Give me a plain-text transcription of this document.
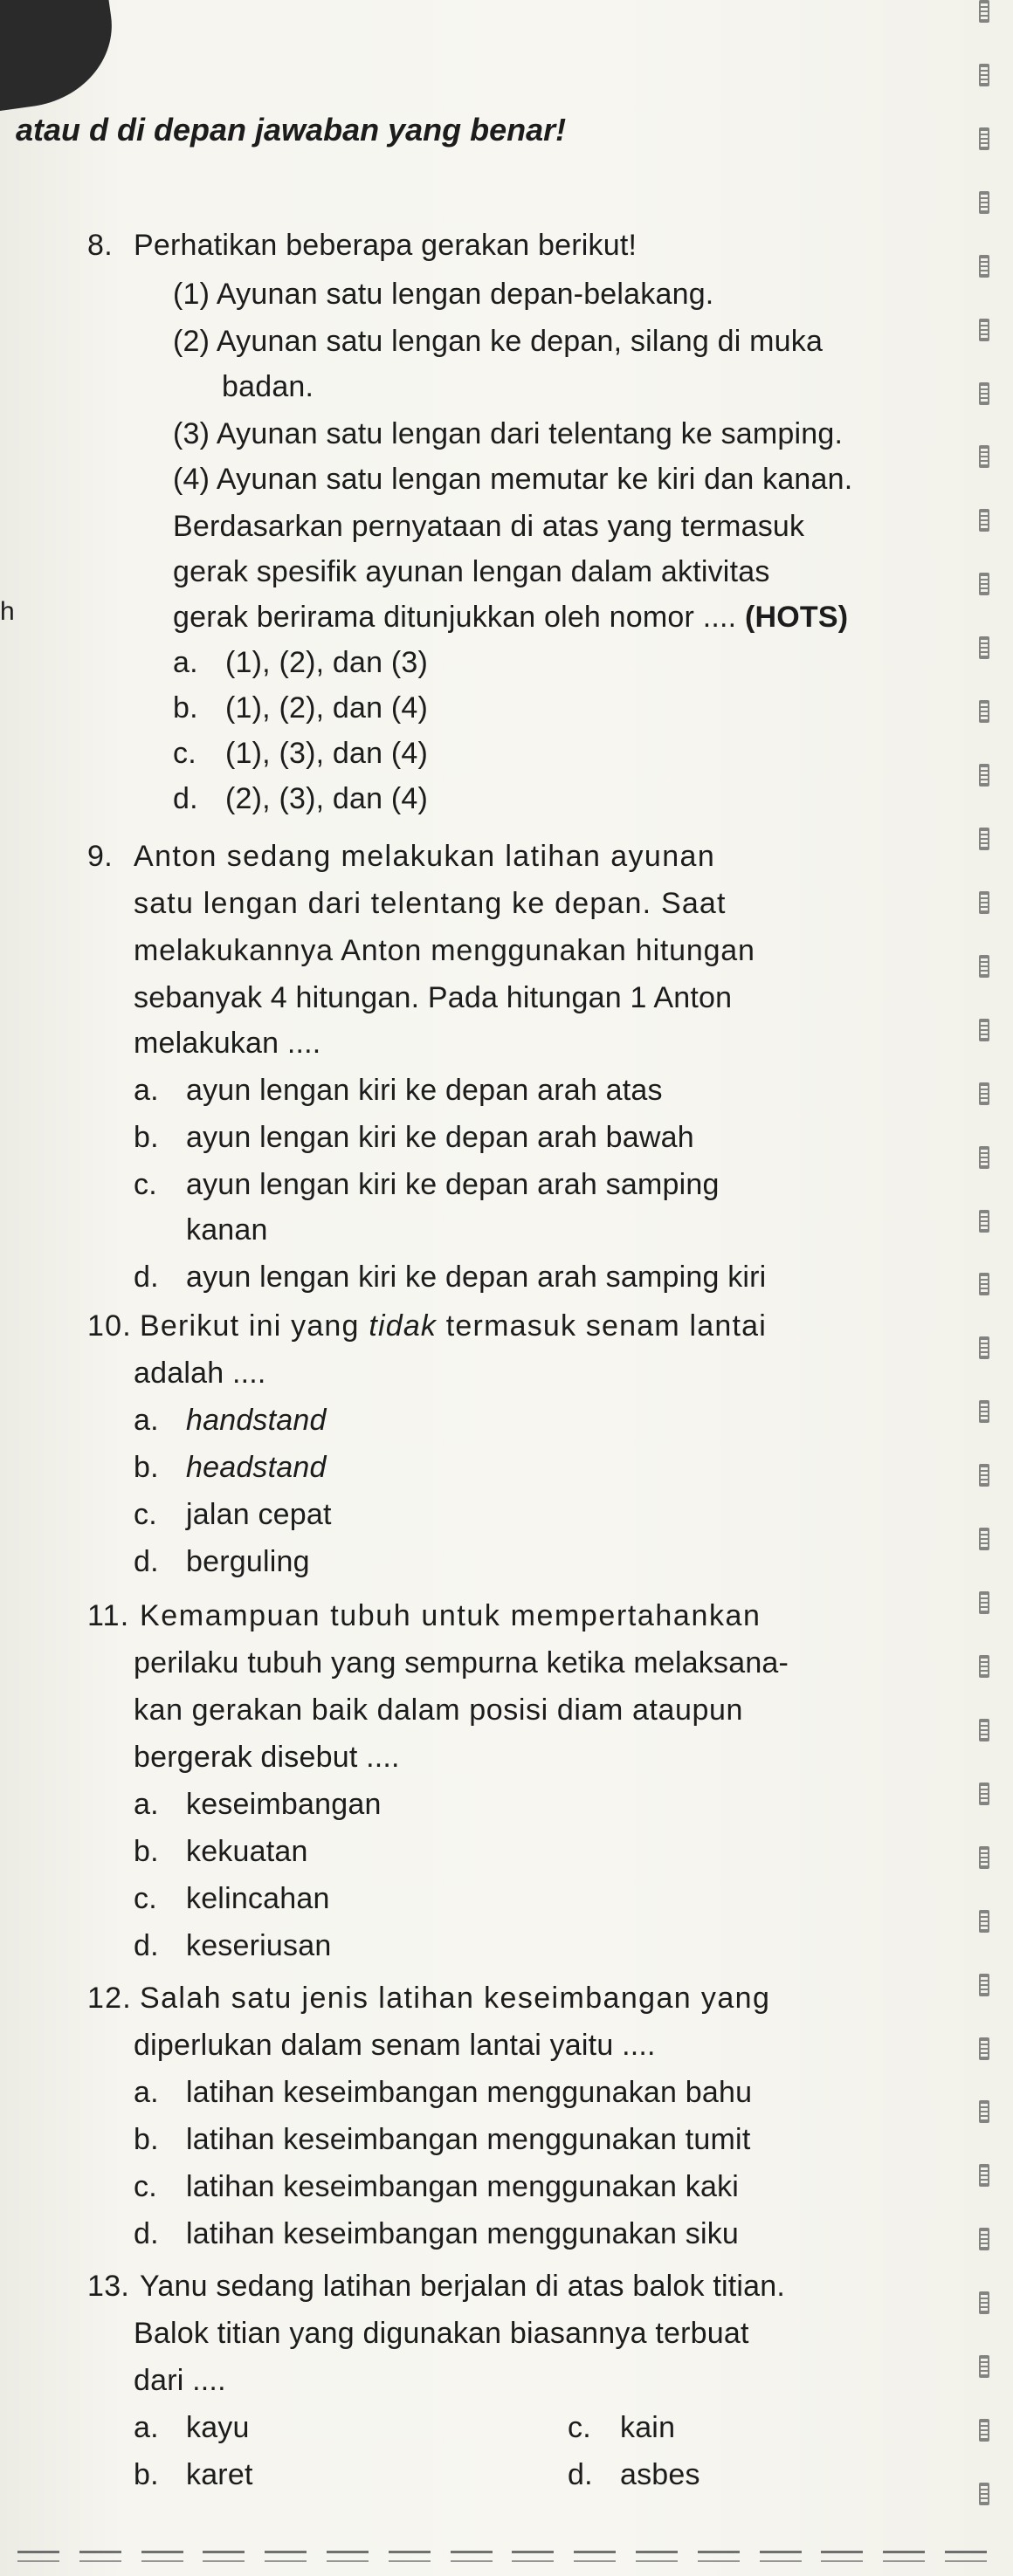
atau d di depan jawaban yang benar!
h
8. Perhatikan beberapa gerakan berikut!
(1) Ayunan satu lengan depan-belakang.
(2) Ayunan satu lengan ke depan, silang di muka
badan.
(3) Ayunan satu lengan dari telentang ke samping.
(4) Ayunan satu lengan memutar ke kiri dan kanan.
Berdasarkan pernyataan di atas yang termasuk
gerak spesifik ayunan lengan dalam aktivitas
gerak berirama ditunjukkan oleh nomor .... (HOTS)
a. (1), (2), dan (3)
b. (1), (2), dan (4)
c. (1), (3), dan (4)
d. (2), (3), dan (4)
9. Anton sedang melakukan latihan ayunan
satu lengan dari telentang ke depan. Saat
melakukannya Anton menggunakan hitungan
sebanyak 4 hitungan. Pada hitungan 1 Anton
melakukan ....
a. ayun lengan kiri ke depan arah atas
b. ayun lengan kiri ke depan arah bawah
c. ayun lengan kiri ke depan arah samping
kanan
d. ayun lengan kiri ke depan arah samping kiri
10. Berikut ini yang tidak termasuk senam lantai
adalah ....
a. handstand
b. headstand
c. jalan cepat
d. berguling
11. Kemampuan tubuh untuk mempertahankan
perilaku tubuh yang sempurna ketika melaksana-
kan gerakan baik dalam posisi diam ataupun
bergerak disebut ....
a. keseimbangan
b. kekuatan
c. kelincahan
d. keseriusan
12. Salah satu jenis latihan keseimbangan yang
diperlukan dalam senam lantai yaitu ....
a. latihan keseimbangan menggunakan bahu
b. latihan keseimbangan menggunakan tumit
c. latihan keseimbangan menggunakan kaki
d. latihan keseimbangan menggunakan siku
13. Yanu sedang latihan berjalan di atas balok titian.
Balok titian yang digunakan biasannya terbuat
dari ....
a. kayu
b. karet
c. kain
d. asbes
